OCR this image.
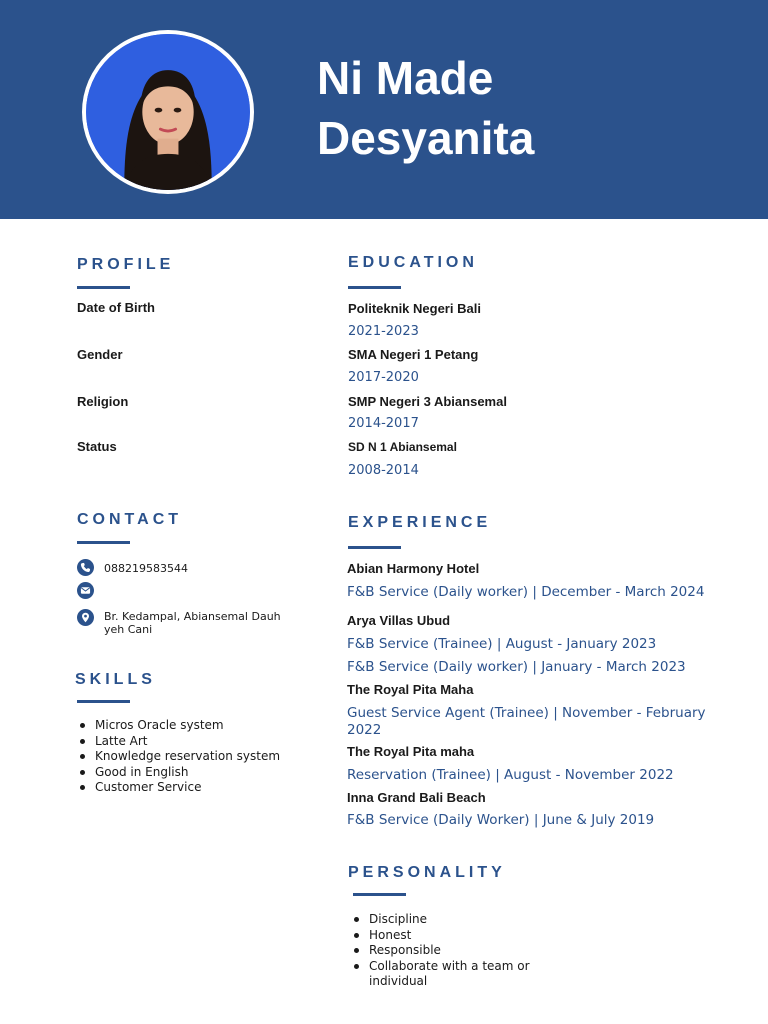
Ni Made
Desyanita
PROFILE
Date of Birth
Gender
Religion
Status
CONTACT
088219583544
Br. Kedampal, Abiansemal Dauh yeh Cani
SKILLS
Micros Oracle system
Latte Art
Knowledge reservation system
Good in English
Customer Service
EDUCATION
Politeknik Negeri Bali
2021-2023
SMA Negeri 1 Petang
2017-2020
SMP Negeri 3 Abiansemal
2014-2017
SD N 1 Abiansemal
2008-2014
EXPERIENCE
Abian Harmony Hotel
F&B Service (Daily worker) | December - March 2024
Arya Villas Ubud
F&B Service (Trainee) | August - January 2023
F&B Service (Daily worker) | January - March 2023
The Royal Pita Maha
Guest Service Agent (Trainee) | November - February 2022
The Royal Pita maha
Reservation (Trainee) | August - November 2022
Inna Grand Bali Beach
F&B Service (Daily Worker) | June & July 2019
PERSONALITY
Discipline
Honest
Responsible
Collaborate with a team or individual
